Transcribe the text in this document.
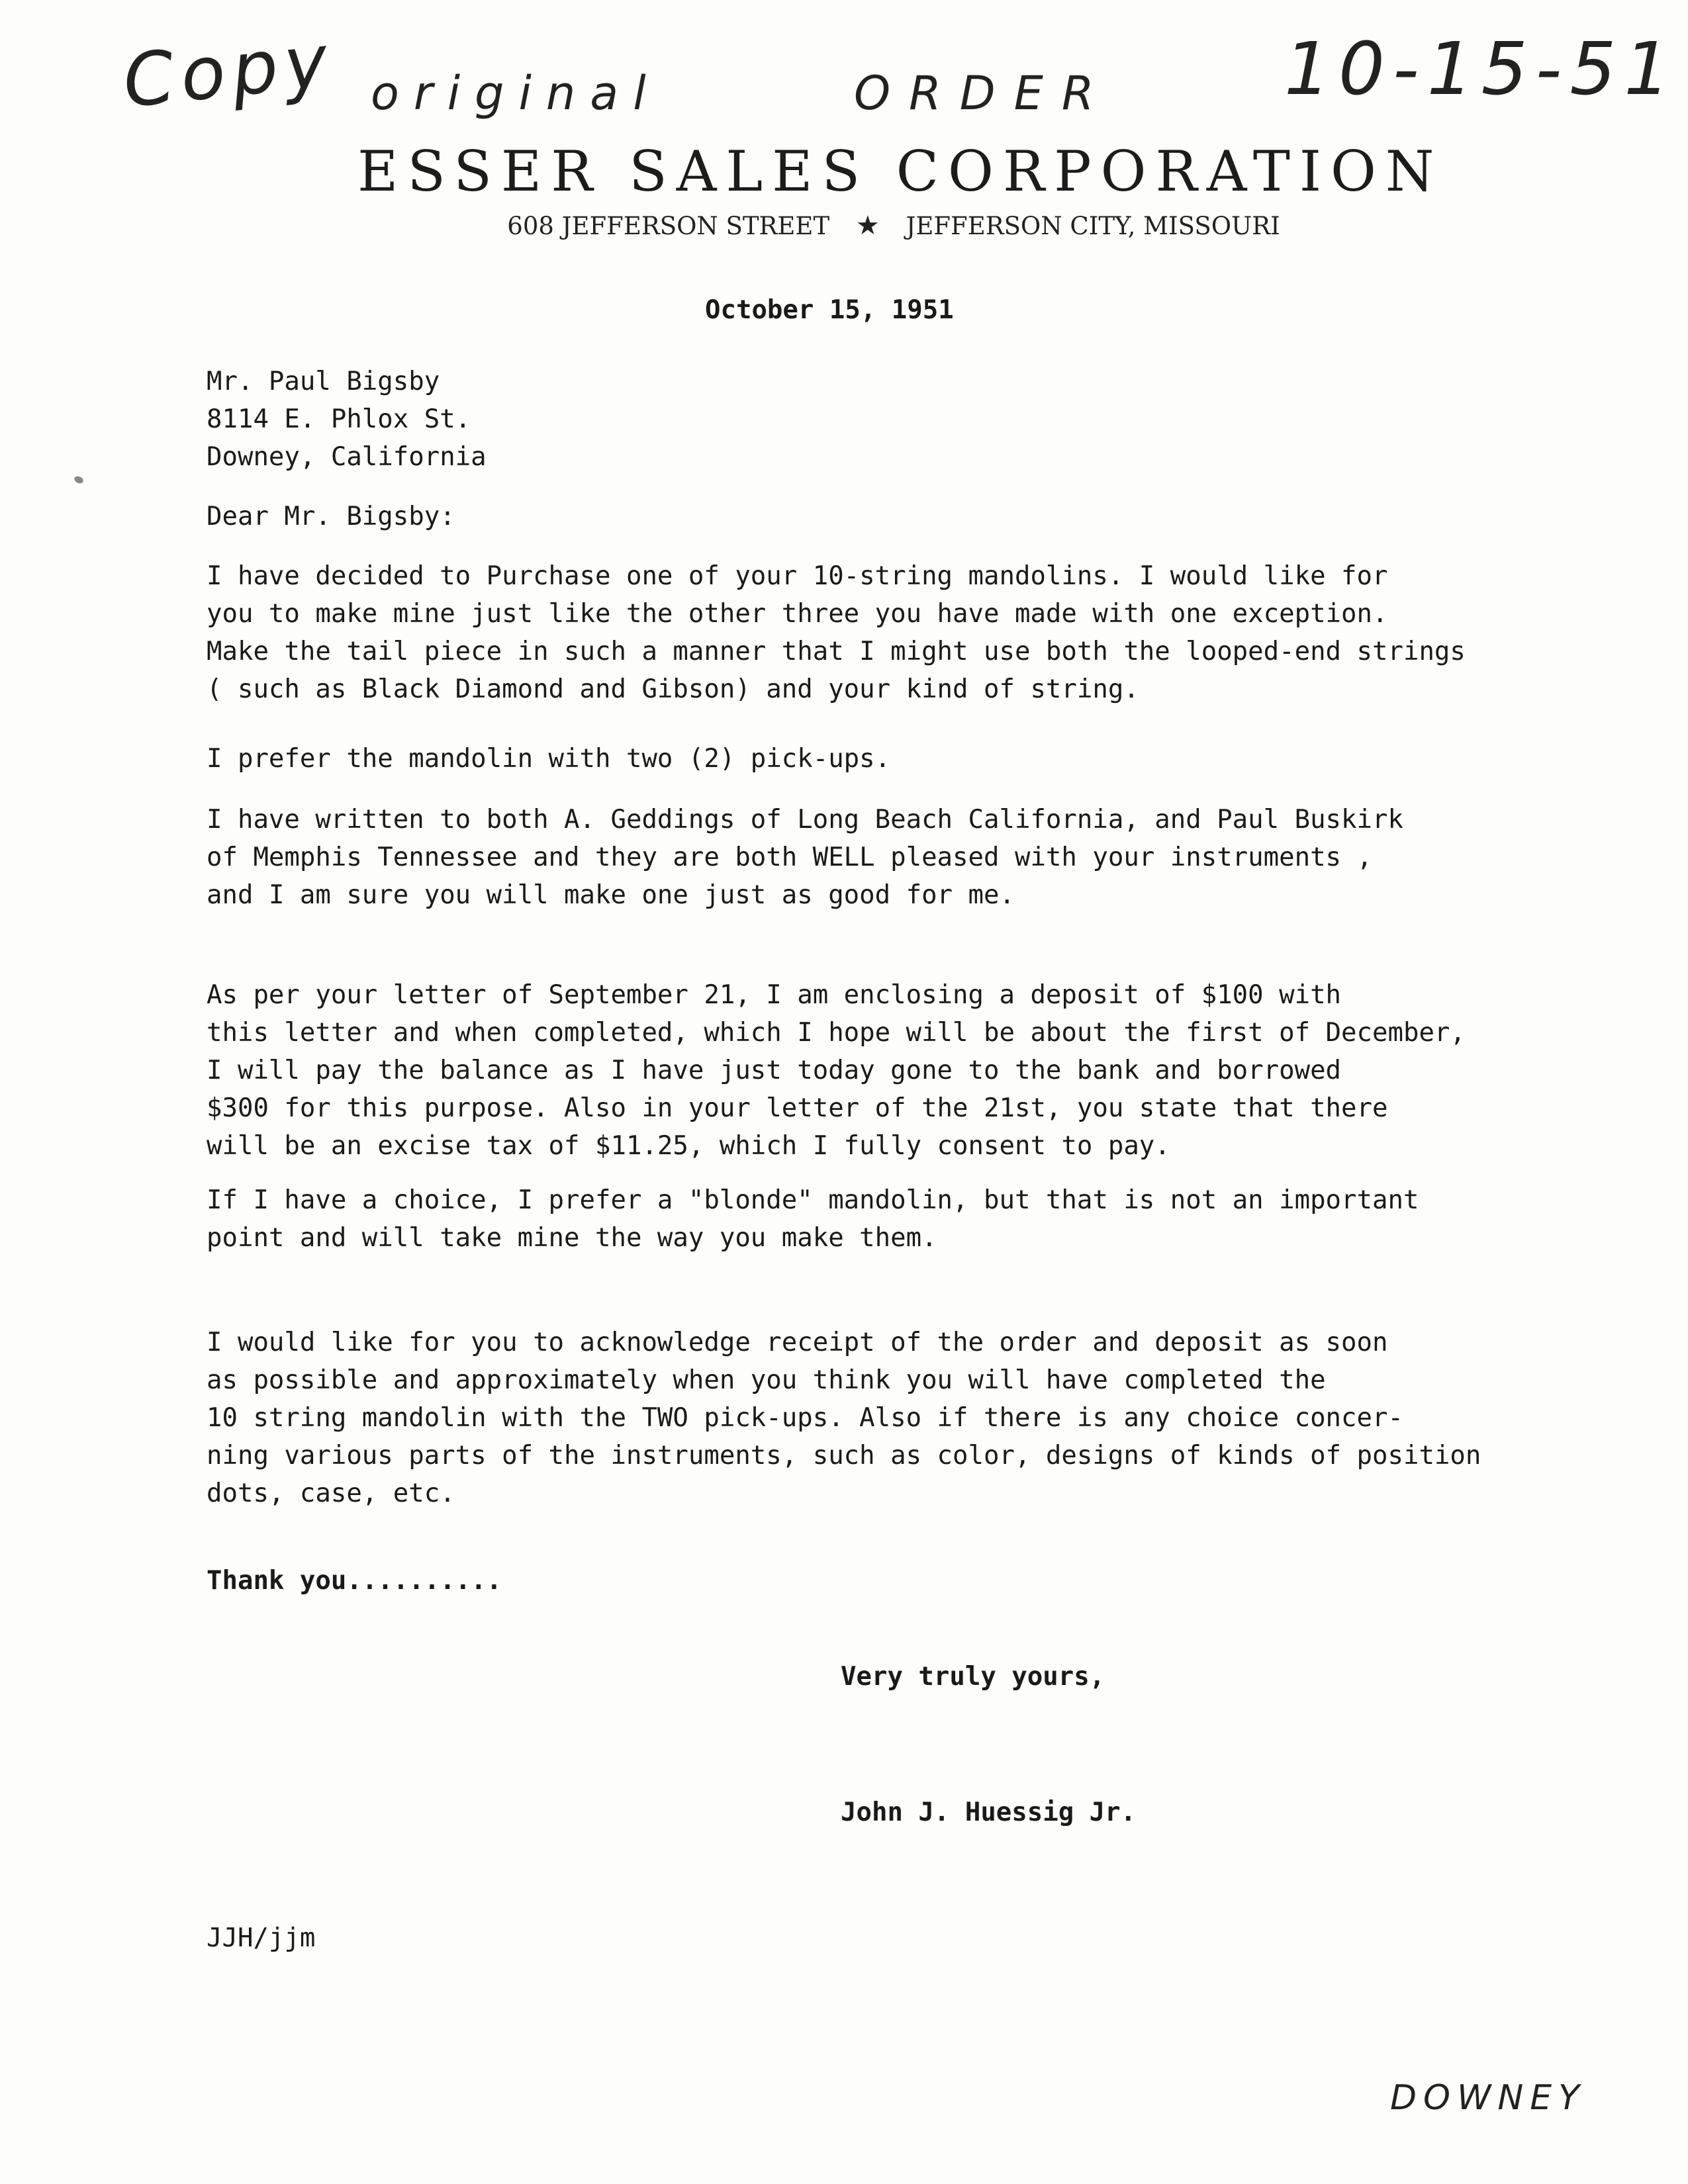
Copy original	ORDER 10-15-51
ESSER SALES CORPORATION
608 JEFFERSON STREET ★ JEFFERSON CITY, MISSOURI
October 15, 1951
Mr. Paul Bigsby
8114 E. Phlox St.
Downey, California
Dear Mr. Bigsby:
I have decided to Purchase one of your 10-string mandolins. I would like for
you to make mine just like the other three you have made with one exception.
Make the tail piece in such a manner that I might use both the looped-end strings
( such as Black Diamond and Gibson) and your kind of string.
I prefer the mandolin with two (2) pick-ups.
I have written to both A. Geddings of Long Beach California, and Paul Buskirk
of Memphis Tennessee and they are both WELL pleased with your instruments ,
and I am sure you will make one just as good for me.
As per your letter of September 21, I am enclosing a deposit of $100 with
this letter and when completed, which I hope will be about the first of December,
I will pay the balance as I have just today gone to the bank and borrowed
$300 for this purpose. Also in your letter of the 21st, you state that there
will be an excise tax of $11.25, which I fully consent to pay.
If I have a choice, I prefer a "blonde" mandolin, but that is not an important
point and will take mine the way you make them.
I would like for you to acknowledge receipt of the order and deposit as soon
as possible and approximately when you think you will have completed the
10 string mandolin with the TWO pick-ups. Also if there is any choice concer-
ning various parts of the instruments, such as color, designs of kinds of position
dots, case, etc.
Thank you..........
Very truly yours,
John J. Huessig Jr.
JJH/jjm
DOWNEY
